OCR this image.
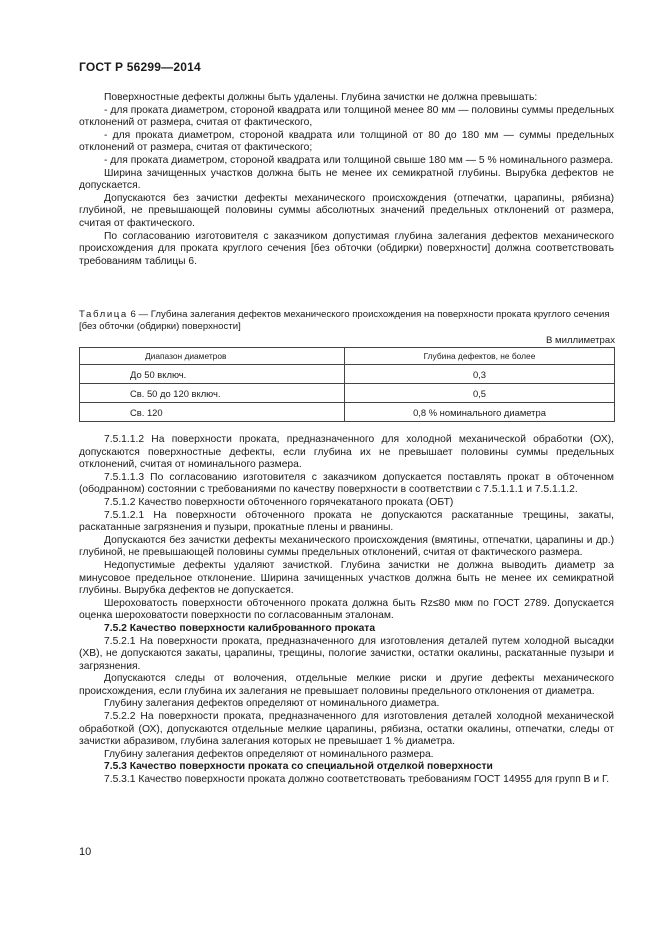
ГОСТ Р 56299—2014

Поверхностные дефекты должны быть удалены. Глубина зачистки не должна превышать:

- для проката диаметром, стороной квадрата или толщиной менее 80 мм — половины суммы предельных отклонений от размера, считая от фактического,

- для проката диаметром, стороной квадрата или толщиной от 80 до 180 мм — суммы предельных отклонений от размера, считая от фактического;

- для проката диаметром, стороной квадрата или толщиной свыше 180 мм — 5 % номинального размера.

Ширина зачищенных участков должна быть не менее их семикратной глубины. Вырубка дефектов не допускается.

Допускаются без зачистки дефекты механического происхождения (отпечатки, царапины, рябизна) глубиной, не превышающей половины суммы абсолютных значений предельных отклонений от размера, считая от фактического.

По согласованию изготовителя с заказчиком допустимая глубина залегания дефектов механического происхождения для проката круглого сечения [без обточки (обдирки) поверхности] должна соответствовать требованиям таблицы 6.

Таблица 6 — Глубина залегания дефектов механического происхождения на поверхности проката круглого сечения [без обточки (обдирки) поверхности]
В миллиметрах
Диапазон диаметров	Глубина дефектов, не более
До 50 включ.	0,3
Св. 50 до 120 включ.	0,5
Св. 120	0,8 % номинального диаметра

7.5.1.1.2 На поверхности проката, предназначенного для холодной механической обработки (ОХ), допускаются поверхностные дефекты, если глубина их не превышает половины суммы предельных отклонений, считая от номинального размера.

7.5.1.1.3 По согласованию изготовителя с заказчиком допускается поставлять прокат в обточенном (ободранном) состоянии с требованиями по качеству поверхности в соответствии с 7.5.1.1.1 и 7.5.1.1.2.

7.5.1.2 Качество поверхности обточенного горячекатаного проката (ОБТ)

7.5.1.2.1 На поверхности обточенного проката не допускаются раскатанные трещины, закаты, раскатанные загрязнения и пузыри, прокатные плены и рванины.

Допускаются без зачистки дефекты механического происхождения (вмятины, отпечатки, царапины и др.) глубиной, не превышающей половины суммы предельных отклонений, считая от фактического размера.

Недопустимые дефекты удаляют зачисткой. Глубина зачистки не должна выводить диаметр за минусовое предельное отклонение. Ширина зачищенных участков должна быть не менее их семикратной глубины. Вырубка дефектов не допускается.

Шероховатость поверхности обточенного проката должна быть Rz≤80 мкм по ГОСТ 2789. Допускается оценка шероховатости поверхности по согласованным эталонам.

7.5.2 Качество поверхности калиброванного проката

7.5.2.1 На поверхности проката, предназначенного для изготовления деталей путем холодной высадки (ХВ), не допускаются закаты, царапины, трещины, пологие зачистки, остатки окалины, раскатанные пузыри и загрязнения.

Допускаются следы от волочения, отдельные мелкие риски и другие дефекты механического происхождения, если глубина их залегания не превышает половины предельного отклонения от диаметра.

Глубину залегания дефектов определяют от номинального диаметра.

7.5.2.2 На поверхности проката, предназначенного для изготовления деталей холодной механической обработкой (ОХ), допускаются отдельные мелкие царапины, рябизна, остатки окалины, отпечатки, следы от зачистки абразивом, глубина залегания которых не превышает 1 % диаметра.

Глубину залегания дефектов определяют от номинального размера.

7.5.3 Качество поверхности проката со специальной отделкой поверхности

7.5.3.1 Качество поверхности проката должно соответствовать требованиям ГОСТ 14955 для групп В и Г.

10
